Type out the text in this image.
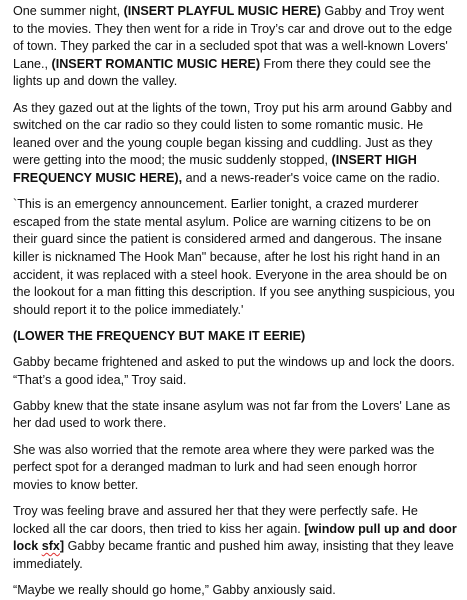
One summer night, (INSERT PLAYFUL MUSIC HERE) Gabby and Troy went to the movies. They then went for a ride in Troy’s car and drove out to the edge of town. They parked the car in a secluded spot that was a well-known Lovers' Lane., (INSERT ROMANTIC MUSIC HERE) From there they could see the lights up and down the valley.

As they gazed out at the lights of the town, Troy put his arm around Gabby and switched on the car radio so they could listen to some romantic music. He leaned over and the young couple began kissing and cuddling. Just as they were getting into the mood; the music suddenly stopped, (INSERT HIGH FREQUENCY MUSIC HERE), and a news-reader's voice came on the radio.

`This is an emergency announcement. Earlier tonight, a crazed murderer escaped from the state mental asylum. Police are warning citizens to be on their guard since the patient is considered armed and dangerous. The insane killer is nicknamed The Hook Man" because, after he lost his right hand in an accident, it was replaced with a steel hook. Everyone in the area should be on the lookout for a man fitting this description. If you see anything suspicious, you should report it to the police immediately.'

(LOWER THE FREQUENCY BUT MAKE IT EERIE)

Gabby became frightened and asked to put the windows up and lock the doors. “That’s a good idea,” Troy said.

Gabby knew that the state insane asylum was not far from the Lovers' Lane as her dad used to work there.

She was also worried that the remote area where they were parked was the perfect spot for a deranged madman to lurk and had seen enough horror movies to know better.

Troy was feeling brave and assured her that they were perfectly safe. He locked all the car doors, then tried to kiss her again. [window pull up and door lock sfx] Gabby became frantic and pushed him away, insisting that they leave immediately.

“Maybe we really should go home,” Gabby anxiously said.
